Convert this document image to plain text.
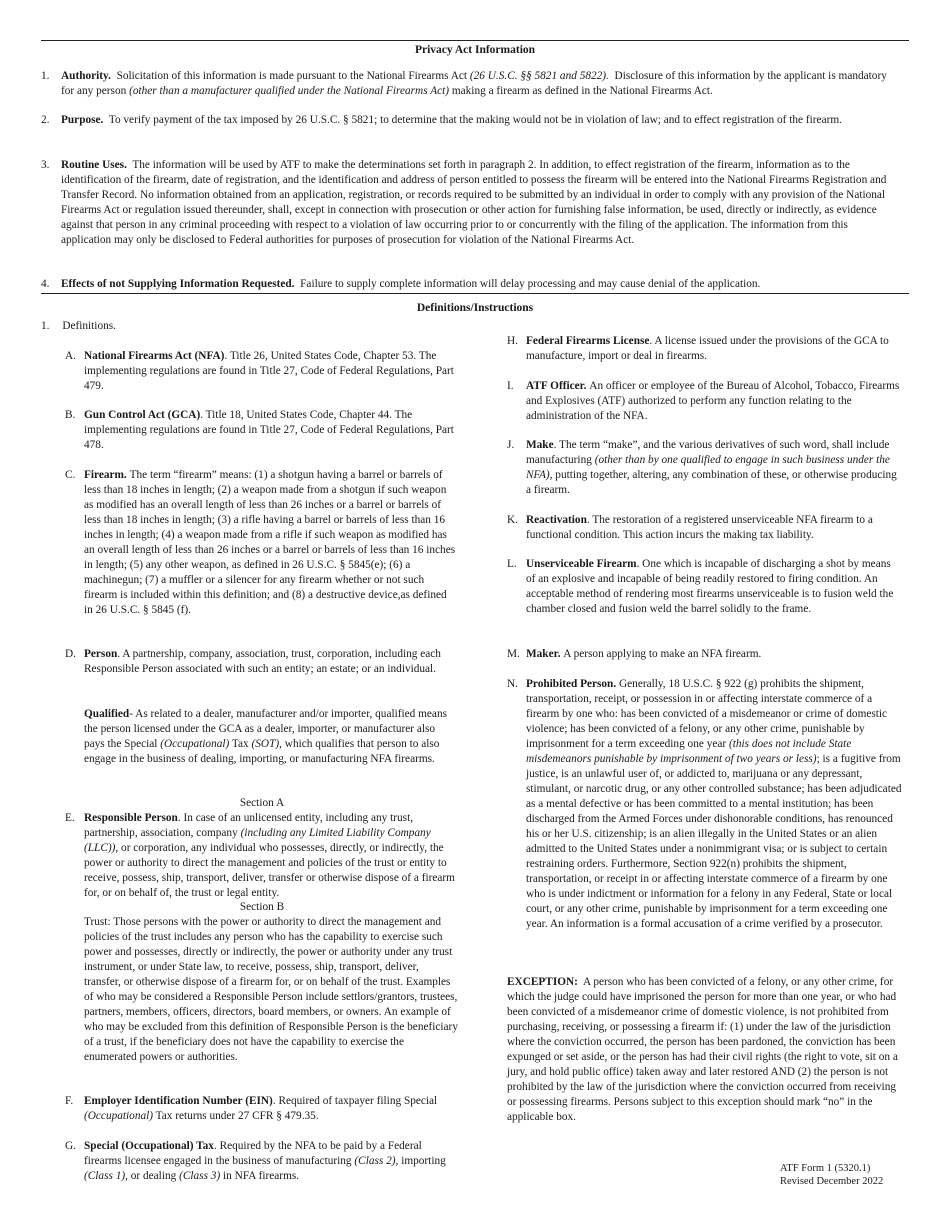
Privacy Act Information
1. Authority. Solicitation of this information is made pursuant to the National Firearms Act (26 U.S.C. §§ 5821 and 5822). Disclosure of this information by the applicant is mandatory for any person (other than a manufacturer qualified under the National Firearms Act) making a firearm as defined in the National Firearms Act.
2. Purpose. To verify payment of the tax imposed by 26 U.S.C. § 5821; to determine that the making would not be in violation of law; and to effect registration of the firearm.
3. Routine Uses. The information will be used by ATF to make the determinations set forth in paragraph 2. In addition, to effect registration of the firearm, information as to the identification of the firearm, date of registration, and the identification and address of person entitled to possess the firearm will be entered into the National Firearms Registration and Transfer Record. No information obtained from an application, registration, or records required to be submitted by an individual in order to comply with any provision of the National Firearms Act or regulation issued thereunder, shall, except in connection with prosecution or other action for furnishing false information, be used, directly or indirectly, as evidence against that person in any criminal proceeding with respect to a violation of law occurring prior to or concurrently with the filing of the application. The information from this application may only be disclosed to Federal authorities for purposes of prosecution for violation of the National Firearms Act.
4. Effects of not Supplying Information Requested. Failure to supply complete information will delay processing and may cause denial of the application.
Definitions/Instructions
1. Definitions.
A. National Firearms Act (NFA). Title 26, United States Code, Chapter 53. The implementing regulations are found in Title 27, Code of Federal Regulations, Part 479.
B. Gun Control Act (GCA). Title 18, United States Code, Chapter 44. The implementing regulations are found in Title 27, Code of Federal Regulations, Part 478.
C. Firearm. The term “firearm” means: (1) a shotgun having a barrel or barrels of less than 18 inches in length; (2) a weapon made from a shotgun if such weapon as modified has an overall length of less than 26 inches or a barrel or barrels of less than 18 inches in length; (3) a rifle having a barrel or barrels of less than 16 inches in length; (4) a weapon made from a rifle if such weapon as modified has an overall length of less than 26 inches or a barrel or barrels of less than 16 inches in length; (5) any other weapon, as defined in 26 U.S.C. § 5845(e); (6) a machinegun; (7) a muffler or a silencer for any firearm whether or not such firearm is included within this definition; and (8) a destructive device,as defined in 26 U.S.C. § 5845 (f).
D. Person. A partnership, company, association, trust, corporation, including each Responsible Person associated with such an entity; an estate; or an individual.
Qualified- As related to a dealer, manufacturer and/or importer, qualified means the person licensed under the GCA as a dealer, importer, or manufacturer also pays the Special (Occupational) Tax (SOT), which qualifies that person to also engage in the business of dealing, importing, or manufacturing NFA firearms.
Section A
E. Responsible Person. In case of an unlicensed entity, including any trust, partnership, association, company (including any Limited Liability Company (LLC)), or corporation, any individual who possesses, directly, or indirectly, the power or authority to direct the management and policies of the trust or entity to receive, possess, ship, transport, deliver, transfer or otherwise dispose of a firearm for, or on behalf of, the trust or legal entity.
Section B
Trust: Those persons with the power or authority to direct the management and policies of the trust includes any person who has the capability to exercise such power and possesses, directly or indirectly, the power or authority under any trust instrument, or under State law, to receive, possess, ship, transport, deliver, transfer, or otherwise dispose of a firearm for, or on behalf of the trust. Examples of who may be considered a Responsible Person include settlors/grantors, trustees, partners, members, officers, directors, board members, or owners. An example of who may be excluded from this definition of Responsible Person is the beneficiary of a trust, if the beneficiary does not have the capability to exercise the enumerated powers or authorities.
F. Employer Identification Number (EIN). Required of taxpayer filing Special (Occupational) Tax returns under 27 CFR § 479.35.
G. Special (Occupational) Tax. Required by the NFA to be paid by a Federal firearms licensee engaged in the business of manufacturing (Class 2), importing (Class 1), or dealing (Class 3) in NFA firearms.
H. Federal Firearms License. A license issued under the provisions of the GCA to manufacture, import or deal in firearms.
I. ATF Officer. An officer or employee of the Bureau of Alcohol, Tobacco, Firearms and Explosives (ATF) authorized to perform any function relating to the administration of the NFA.
J. Make. The term “make”, and the various derivatives of such word, shall include manufacturing (other than by one qualified to engage in such business under the NFA), putting together, altering, any combination of these, or otherwise producing a firearm.
K. Reactivation. The restoration of a registered unserviceable NFA firearm to a functional condition. This action incurs the making tax liability.
L. Unserviceable Firearm. One which is incapable of discharging a shot by means of an explosive and incapable of being readily restored to firing condition. An acceptable method of rendering most firearms unserviceable is to fusion weld the chamber closed and fusion weld the barrel solidly to the frame.
M. Maker. A person applying to make an NFA firearm.
N. Prohibited Person. Generally, 18 U.S.C. § 922 (g) prohibits the shipment, transportation, receipt, or possession in or affecting interstate commerce of a firearm by one who: has been convicted of a misdemeanor or crime of domestic violence; has been convicted of a felony, or any other crime, punishable by imprisonment for a term exceeding one year (this does not include State misdemeanors punishable by imprisonment of two years or less); is a fugitive from justice, is an unlawful user of, or addicted to, marijuana or any depressant, stimulant, or narcotic drug, or any other controlled substance; has been adjudicated as a mental defective or has been committed to a mental institution; has been discharged from the Armed Forces under dishonorable conditions, has renounced his or her U.S. citizenship; is an alien illegally in the United States or an alien admitted to the United States under a nonimmigrant visa; or is subject to certain restraining orders. Furthermore, Section 922(n) prohibits the shipment, transportation, or receipt in or affecting interstate commerce of a firearm by one who is under indictment or information for a felony in any Federal, State or local court, or any other crime, punishable by imprisonment for a term exceeding one year. An information is a formal accusation of a crime verified by a prosecutor.
EXCEPTION: A person who has been convicted of a felony, or any other crime, for which the judge could have imprisoned the person for more than one year, or who had been convicted of a misdemeanor crime of domestic violence, is not prohibited from purchasing, receiving, or possessing a firearm if: (1) under the law of the jurisdiction where the conviction occurred, the person has been pardoned, the conviction has been expunged or set aside, or the person has had their civil rights (the right to vote, sit on a jury, and hold public office) taken away and later restored AND (2) the person is not prohibited by the law of the jurisdiction where the conviction occurred from receiving or possessing firearms. Persons subject to this exception should mark “no” in the applicable box.
ATF Form 1 (5320.1)
Revised December 2022
